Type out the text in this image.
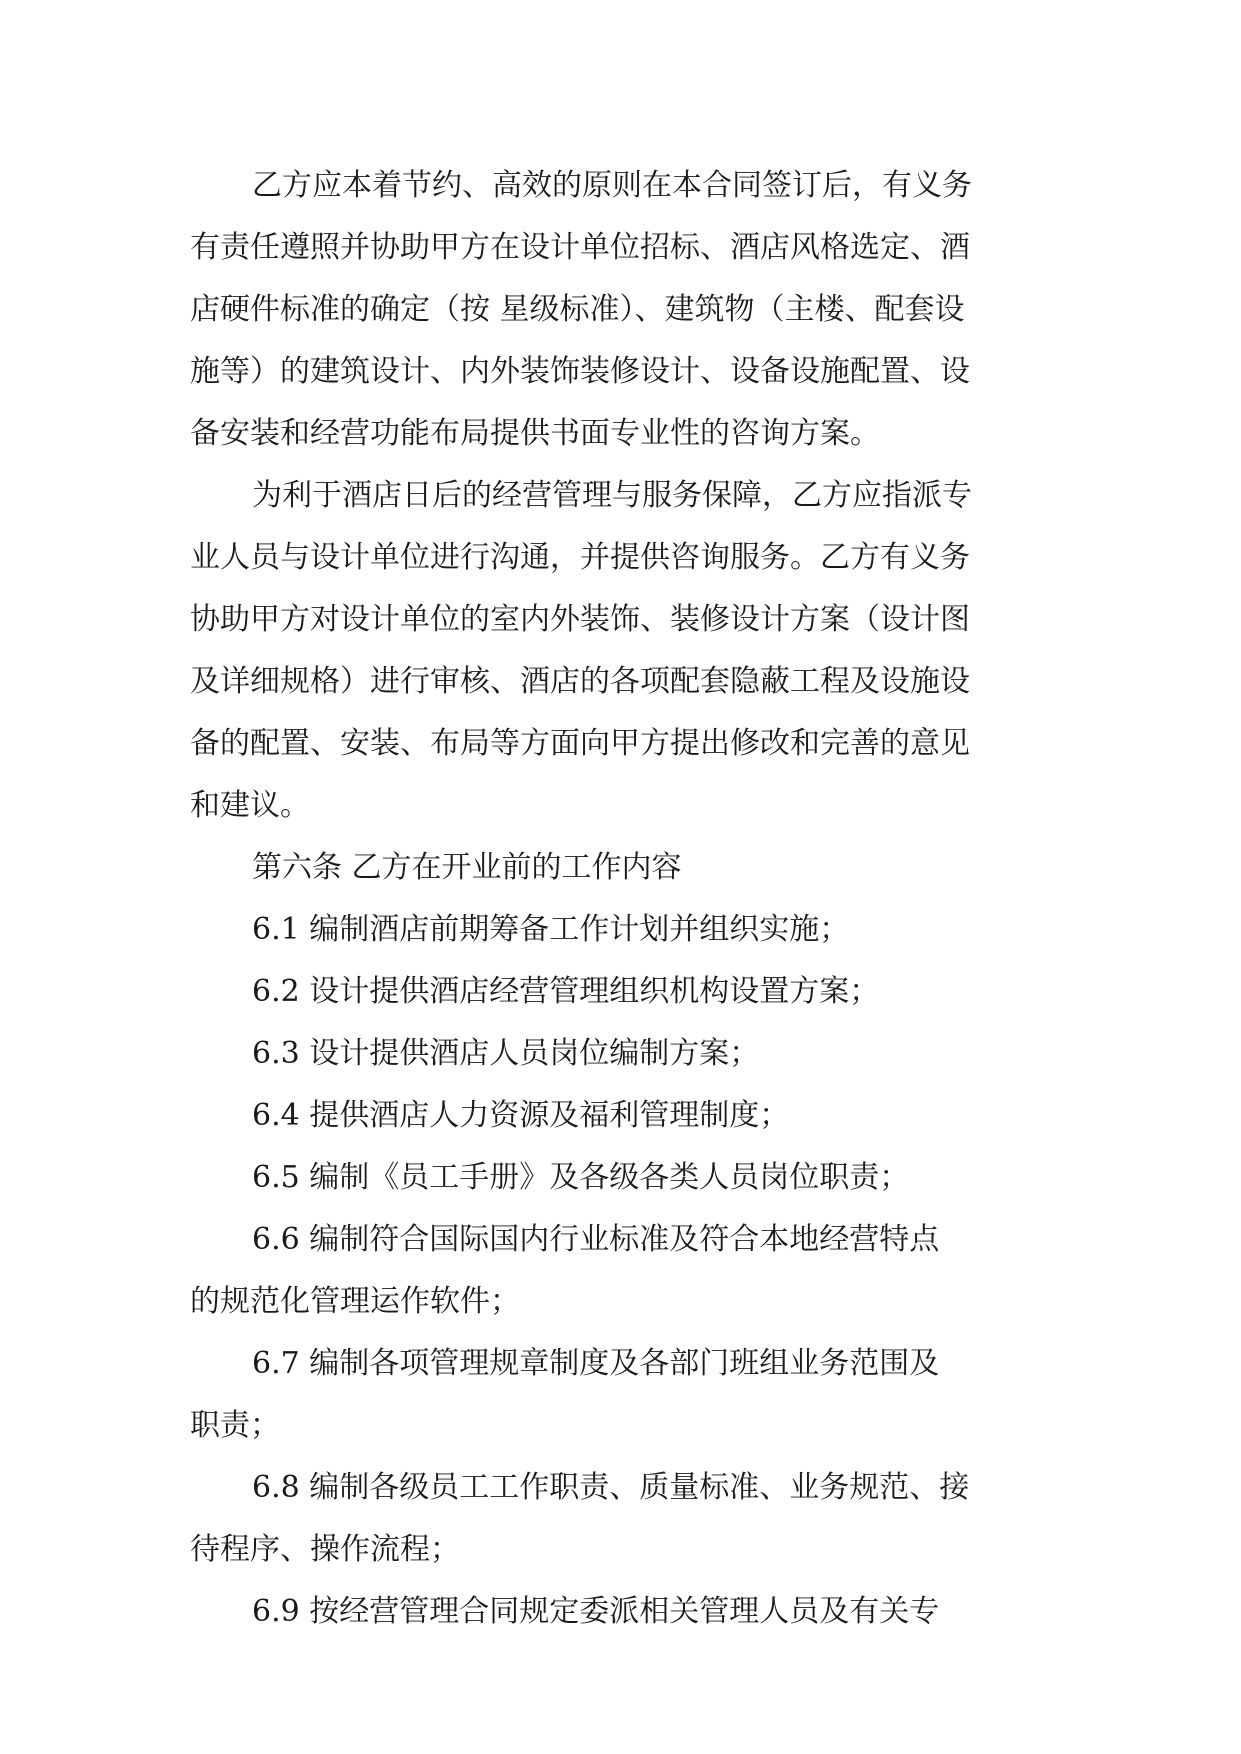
乙方应本着节约、高效的原则在本合同签订后，有义务
有责任遵照并协助甲方在设计单位招标、酒店风格选定、酒
店硬件标准的确定（按 星级标准）、建筑物（主楼、配套设
施等）的建筑设计、内外装饰装修设计、设备设施配置、设
备安装和经营功能布局提供书面专业性的咨询方案。
为利于酒店日后的经营管理与服务保障，乙方应指派专
业人员与设计单位进行沟通，并提供咨询服务。乙方有义务
协助甲方对设计单位的室内外装饰、装修设计方案（设计图
及详细规格）进行审核、酒店的各项配套隐蔽工程及设施设
备的配置、安装、布局等方面向甲方提出修改和完善的意见
和建议。
第六条 乙方在开业前的工作内容
6.1 编制酒店前期筹备工作计划并组织实施；
6.2 设计提供酒店经营管理组织机构设置方案；
6.3 设计提供酒店人员岗位编制方案；
6.4 提供酒店人力资源及福利管理制度；
6.5 编制《员工手册》及各级各类人员岗位职责；
6.6 编制符合国际国内行业标准及符合本地经营特点
的规范化管理运作软件；
6.7 编制各项管理规章制度及各部门班组业务范围及
职责；
6.8 编制各级员工工作职责、质量标准、业务规范、接
待程序、操作流程；
6.9 按经营管理合同规定委派相关管理人员及有关专
